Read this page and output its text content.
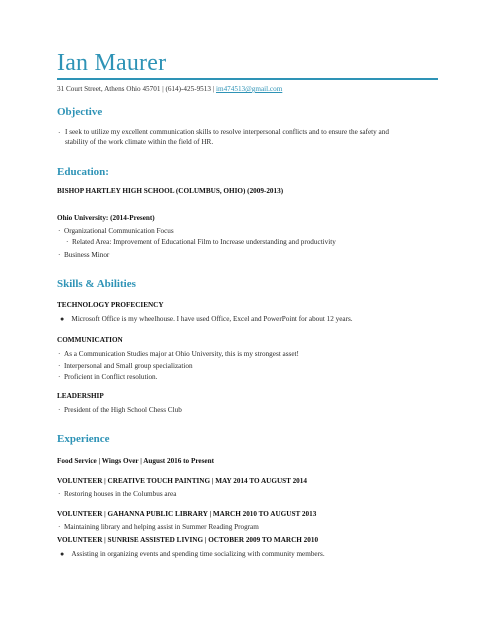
Ian Maurer
31 Court Street, Athens Ohio 45701 | (614)-425-9513 | im474513@gmail.com
Objective
· I seek to utilize my excellent communication skills to resolve interpersonal conflicts and to ensure the safety and
stability of the work climate within the field of HR.
Education:
BISHOP HARTLEY HIGH SCHOOL (COLUMBUS, OHIO) (2009-2013)
Ohio University: (2014-Present)
·  Organizational Communication Focus
·  Related Area: Improvement of Educational Film to Increase understanding and productivity
·  Business Minor
Skills & Abilities
TECHNOLOGY PROFECIENCY
● Microsoft Office is my wheelhouse. I have used Office, Excel and PowerPoint for about 12 years.
COMMUNICATION
·  As a Communication Studies major at Ohio University, this is my strongest asset!
·  Interpersonal and Small group specialization
·  Proficient in Conflict resolution.
LEADERSHIP
·  President of the High School Chess Club
Experience
Food Service | Wings Over | August 2016 to Present
VOLUNTEER | CREATIVE TOUCH PAINTING | MAY 2014 TO AUGUST 2014
·  Restoring houses in the Columbus area
VOLUNTEER | GAHANNA PUBLIC LIBRARY | MARCH 2010 TO AUGUST 2013
·  Maintaining library and helping assist in Summer Reading Program
VOLUNTEER | SUNRISE ASSISTED LIVING | OCTOBER 2009 TO MARCH 2010
● Assisting in organizing events and spending time socializing with community members.
